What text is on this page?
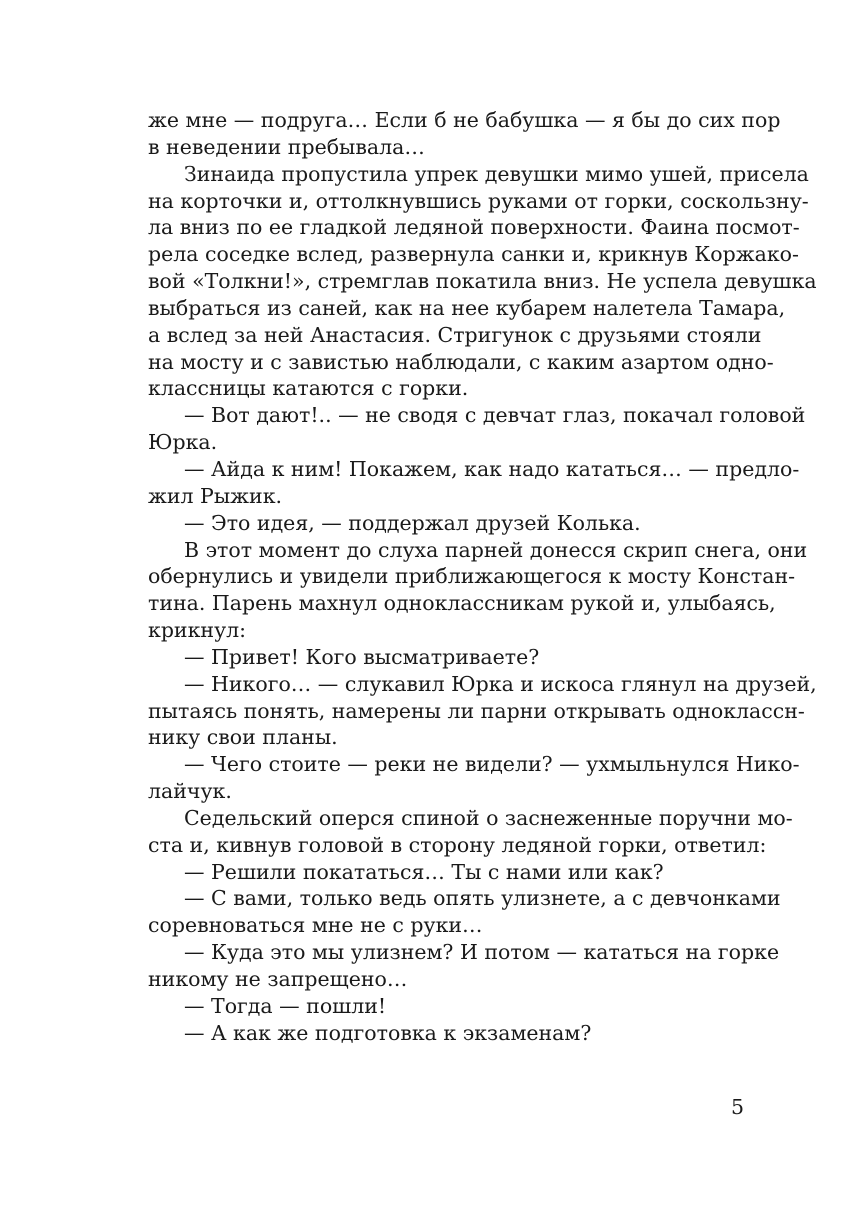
же мне — подруга… Если б не бабушка — я бы до сих пор
в неведении пребывала…
Зинаида пропустила упрек девушки мимо ушей, присела
на корточки и, оттолкнувшись руками от горки, соскользну-
ла вниз по ее гладкой ледяной поверхности. Фаина посмот-
рела соседке вслед, развернула санки и, крикнув Коржако-
вой «Толкни!», стремглав покатила вниз. Не успела девушка
выбраться из саней, как на нее кубарем налетела Тамара,
а вслед за ней Анастасия. Стригунок с друзьями стояли
на мосту и с завистью наблюдали, с каким азартом одно-
классницы катаются с горки.
— Вот дают!.. — не сводя с девчат глаз, покачал головой
Юрка.
— Айда к ним! Покажем, как надо кататься… — предло-
жил Рыжик.
— Это идея, — поддержал друзей Колька.
В этот момент до слуха парней донесся скрип снега, они
обернулись и увидели приближающегося к мосту Констан-
тина. Парень махнул одноклассникам рукой и, улыбаясь,
крикнул:
— Привет! Кого высматриваете?
— Никого… — слукавил Юрка и искоса глянул на друзей,
пытаясь понять, намерены ли парни открывать одноклассн-
нику свои планы.
— Чего стоите — реки не видели? — ухмыльнулся Нико-
лайчук.
Седельский оперся спиной о заснеженные поручни мо-
ста и, кивнув головой в сторону ледяной горки, ответил:
— Решили покататься… Ты с нами или как?
— С вами, только ведь опять улизнете, а с девчонками
соревноваться мне не с руки…
— Куда это мы улизнем? И потом — кататься на горке
никому не запрещено…
— Тогда — пошли!
— А как же подготовка к экзаменам?
5
